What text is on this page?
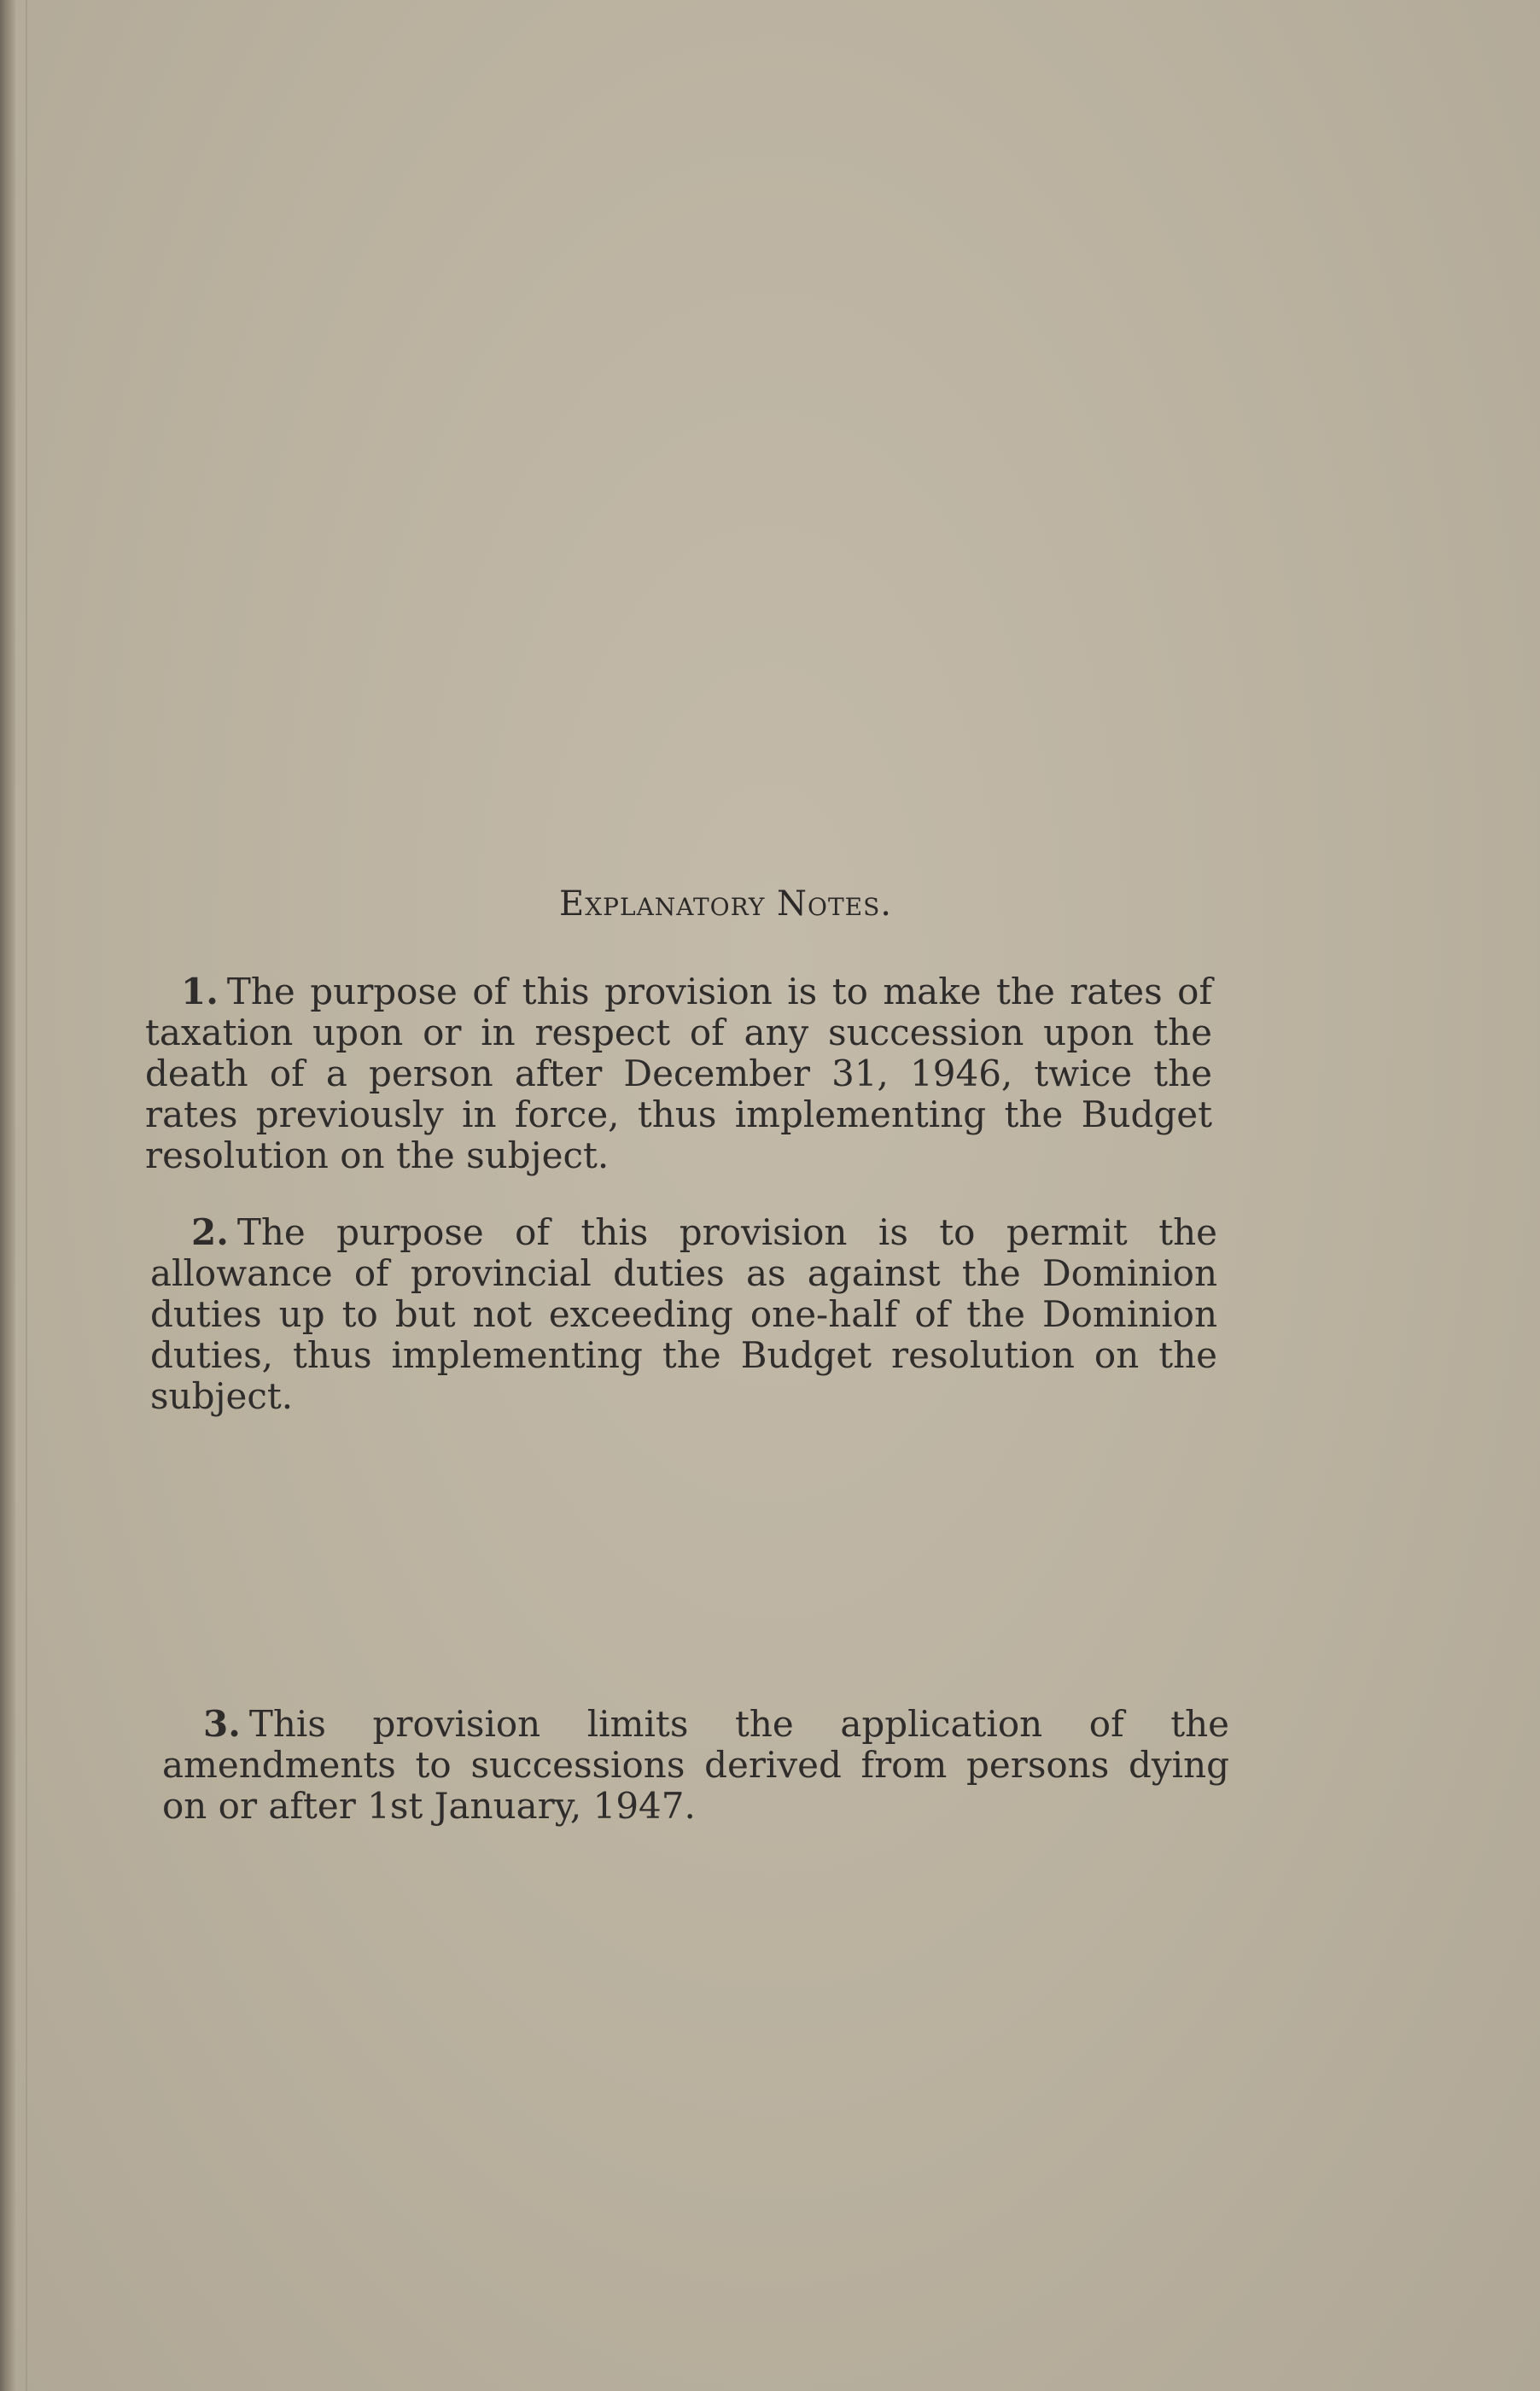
Explanatory Notes.

1. The purpose of this provision is to make the rates of taxation upon or in respect of any succession upon the death of a person after December 31, 1946, twice the rates previously in force, thus implementing the Budget resolution on the subject.

2. The purpose of this provision is to permit the allowance of provincial duties as against the Dominion duties up to but not exceeding one-half of the Dominion duties, thus implementing the Budget resolution on the subject.

3. This provision limits the application of the amendments to successions derived from persons dying on or after 1st January, 1947.
